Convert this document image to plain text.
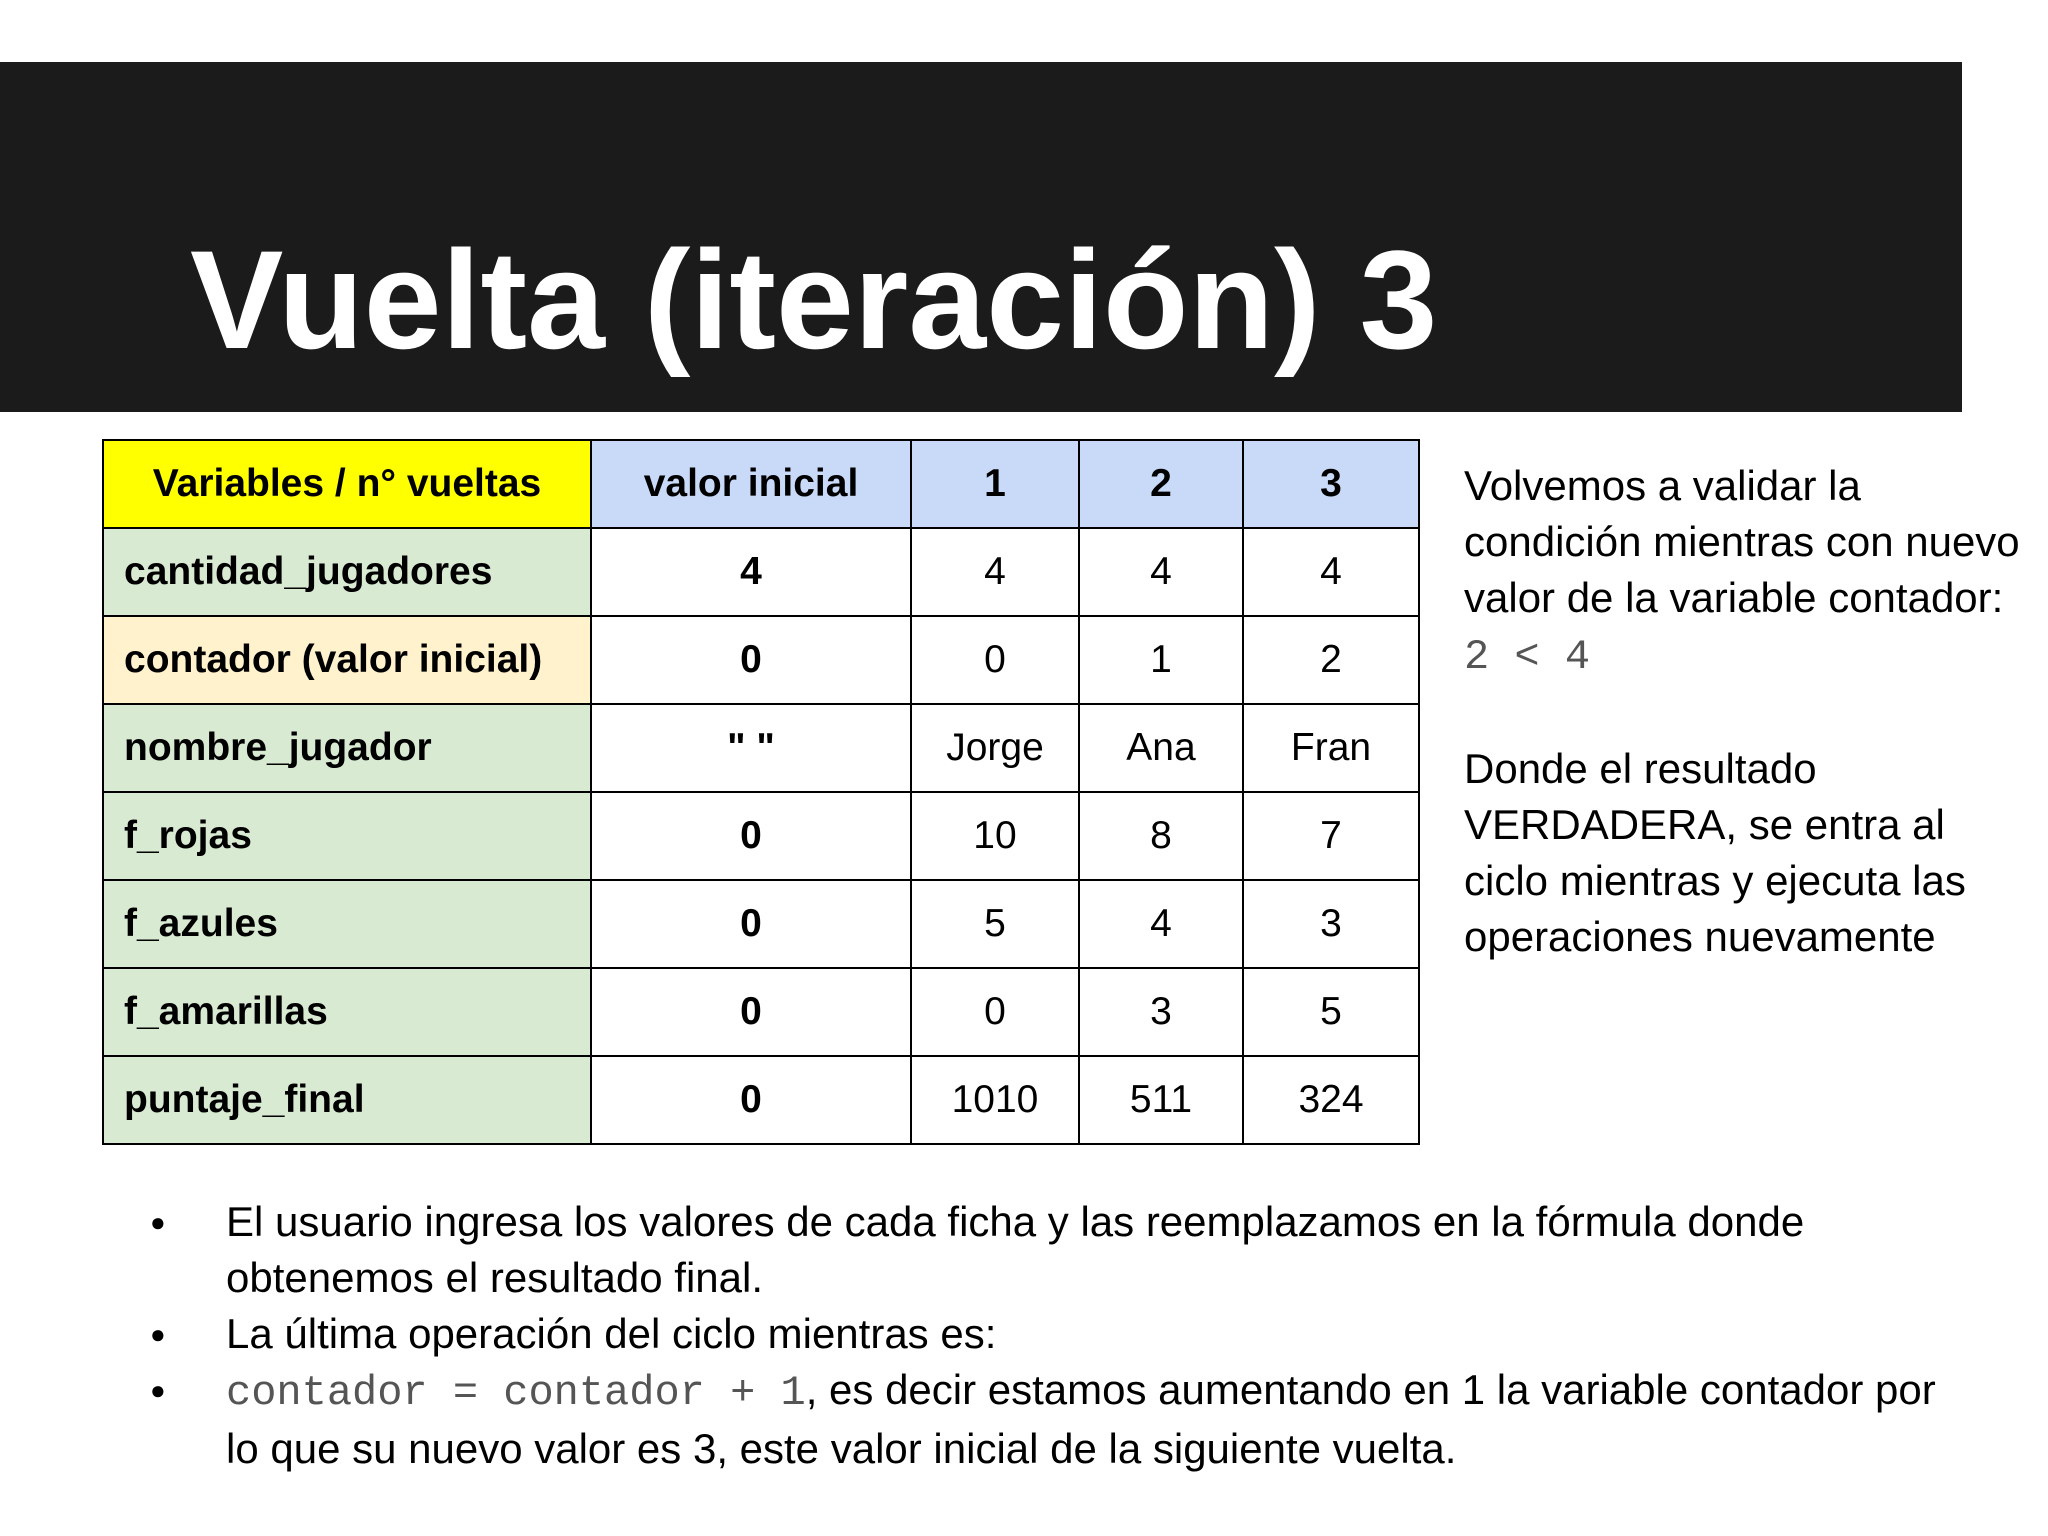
Vuelta (iteración) 3
Variables / n° vueltas	valor inicial	1	2	3
cantidad_jugadores	4	4	4	4
contador (valor inicial)	0	0	1	2
nombre_jugador	" "	Jorge	Ana	Fran
f_rojas	0	10	8	7
f_azules	0	5	4	3
f_amarillas	0	0	3	5
puntaje_final	0	1010	511	324

Volvemos a validar la condición mientras con nuevo valor de la variable contador: 2 < 4

Donde el resultado VERDADERA, se entra al ciclo mientras y ejecuta las operaciones nuevamente

● El usuario ingresa los valores de cada ficha y las reemplazamos en la fórmula donde obtenemos el resultado final.
● La última operación del ciclo mientras es:
● contador = contador + 1, es decir estamos aumentando en 1 la variable contador por lo que su nuevo valor es 3, este valor inicial de la siguiente vuelta.
